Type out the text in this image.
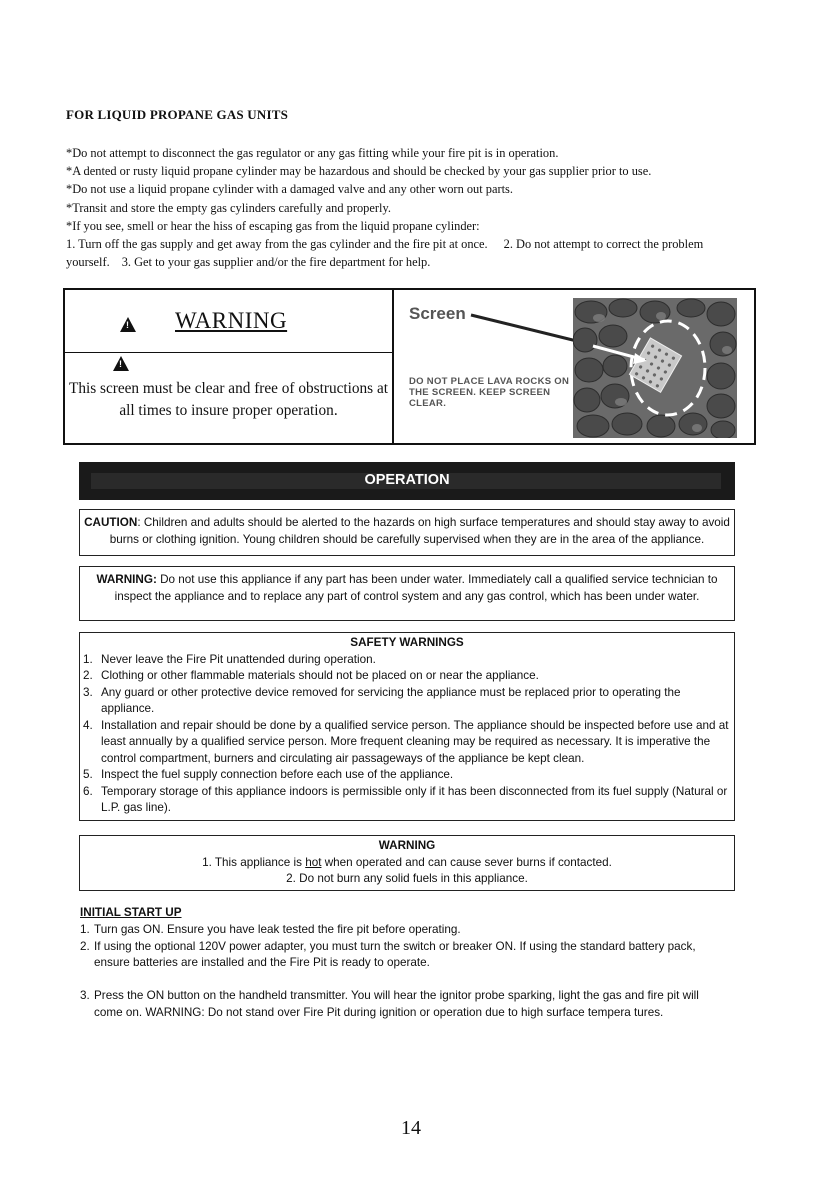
FOR LIQUID PROPANE GAS UNITS
*Do not attempt to disconnect the gas regulator or any gas fitting while your fire pit is in operation.
*A dented or rusty liquid propane cylinder may be hazardous and should be checked by your gas supplier prior to use.
*Do not use a liquid propane cylinder with a damaged valve and any other worn out parts.
*Transit and store the empty gas cylinders carefully and properly.
*If you see, smell or hear the hiss of escaping gas from the liquid propane cylinder:
1. Turn off the gas supply and get away from the gas cylinder and the fire pit at once. 2. Do not attempt to correct the problem
yourself. 3. Get to your gas supplier and/or the fire department for help.
!
WARNING
!
This screen must be clear and free of obstructions at all times to insure proper operation.
Screen
DO NOT PLACE LAVA ROCKS ON THE SCREEN. KEEP SCREEN CLEAR.
OPERATION
CAUTION: Children and adults should be alerted to the hazards on high surface temperatures and should stay away to avoid burns or clothing ignition. Young children should be carefully supervised when they are in the area of the appliance.
WARNING: Do not use this appliance if any part has been under water. Immediately call a qualified service technician to inspect the appliance and to replace any part of control system and any gas control, which has been under water.
SAFETY WARNINGS
1. Never leave the Fire Pit unattended during operation.
2. Clothing or other flammable materials should not be placed on or near the appliance.
3. Any guard or other protective device removed for servicing the appliance must be replaced prior to operating the appliance.
4. Installation and repair should be done by a qualified service person. The appliance should be inspected before use and at least annually by a qualified service person. More frequent cleaning may be required as necessary. It is imperative the control compartment, burners and circulating air passageways of the appliance be kept clean.
5. Inspect the fuel supply connection before each use of the appliance.
6. Temporary storage of this appliance indoors is permissible only if it has been disconnected from its fuel supply (Natural or L.P. gas line).
WARNING
1. This appliance is hot when operated and can cause sever burns if contacted.
2. Do not burn any solid fuels in this appliance.
INITIAL START UP
1. Turn gas ON. Ensure you have leak tested the fire pit before operating.
2. If using the optional 120V power adapter, you must turn the switch or breaker ON. If using the standard battery pack, ensure batteries are installed and the Fire Pit is ready to operate.
3. Press the ON button on the handheld transmitter. You will hear the ignitor probe sparking, light the gas and fire pit will come on. WARNING: Do not stand over Fire Pit during ignition or operation due to high surface tempera tures.
14
